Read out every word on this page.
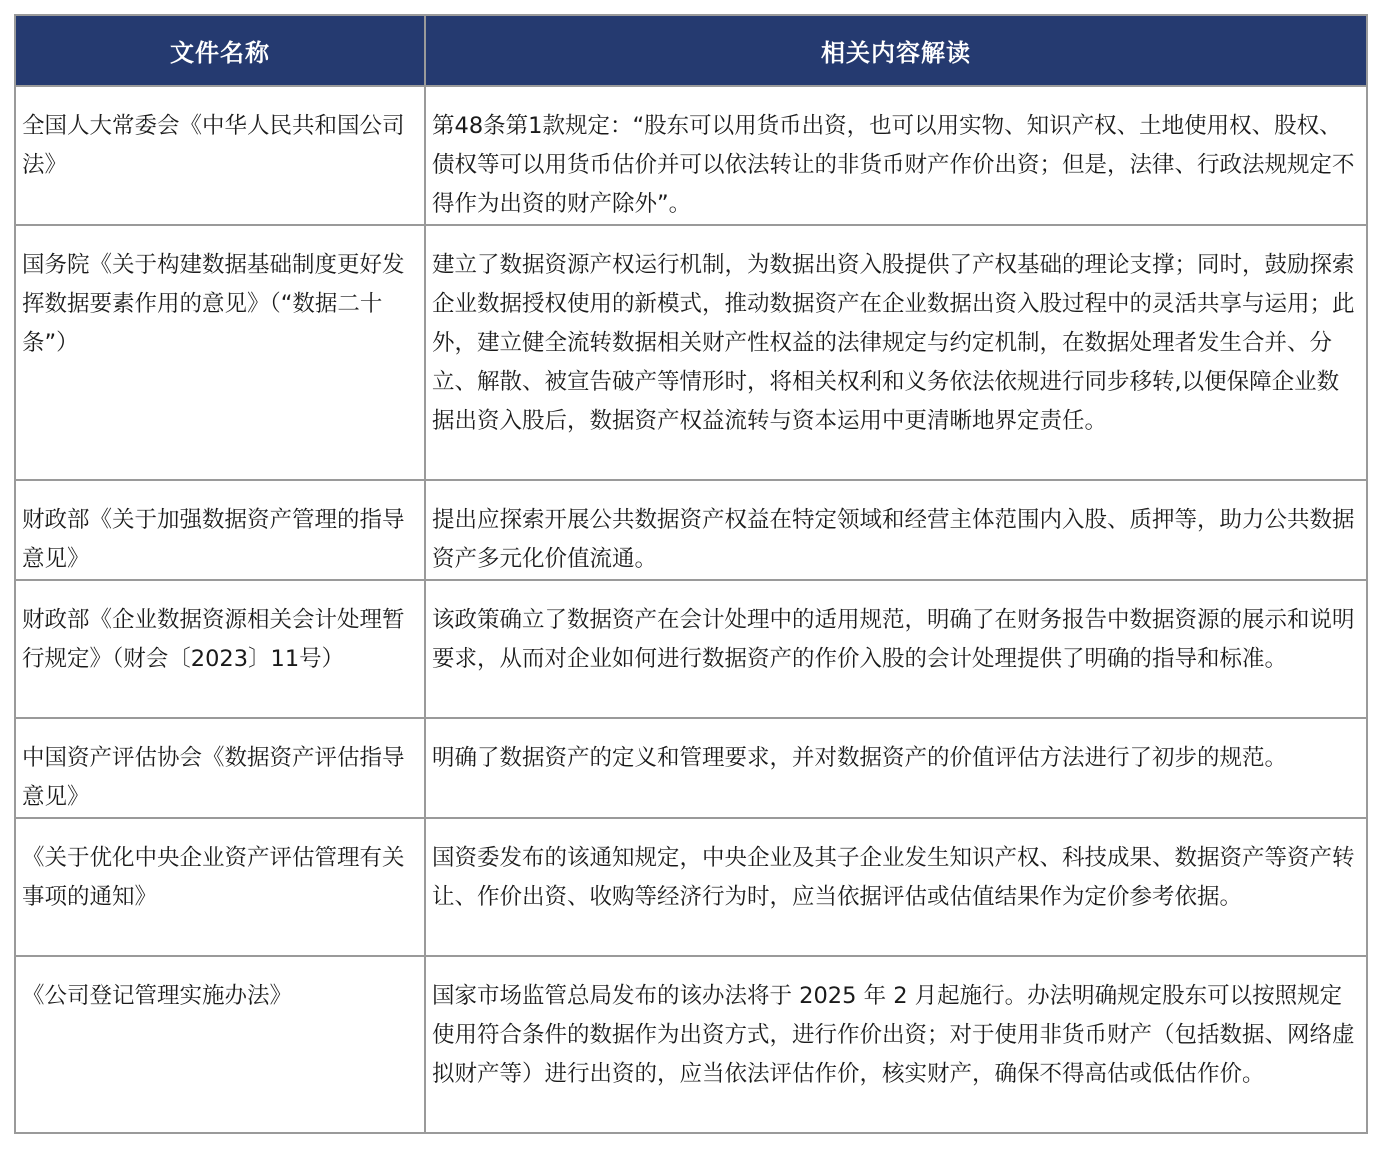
文件名称	相关内容解读

全国人大常委会《中华人民共和国公司法》	第48条第1款规定：“股东可以用货币出资，也可以用实物、知识产权、土地使用权、股权、债权等可以用货币估价并可以依法转让的非货币财产作价出资；但是，法律、行政法规规定不得作为出资的财产除外”。

国务院《关于构建数据基础制度更好发挥数据要素作用的意见》（“数据二十条”）	建立了数据资源产权运行机制，为数据出资入股提供了产权基础的理论支撑；同时，鼓励探索企业数据授权使用的新模式，推动数据资产在企业数据出资入股过程中的灵活共享与运用；此外，建立健全流转数据相关财产性权益的法律规定与约定机制，在数据处理者发生合并、分立、解散、被宣告破产等情形时，将相关权利和义务依法依规进行同步移转,以便保障企业数据出资入股后，数据资产权益流转与资本运用中更清晰地界定责任。

财政部《关于加强数据资产管理的指导意见》	提出应探索开展公共数据资产权益在特定领域和经营主体范围内入股、质押等，助力公共数据资产多元化价值流通。

财政部《企业数据资源相关会计处理暂行规定》（财会〔2023〕11号）	该政策确立了数据资产在会计处理中的适用规范，明确了在财务报告中数据资源的展示和说明要求，从而对企业如何进行数据资产的作价入股的会计处理提供了明确的指导和标准。

中国资产评估协会《数据资产评估指导意见》	明确了数据资产的定义和管理要求，并对数据资产的价值评估方法进行了初步的规范。

《关于优化中央企业资产评估管理有关事项的通知》	国资委发布的该通知规定，中央企业及其子企业发生知识产权、科技成果、数据资产等资产转让、作价出资、收购等经济行为时，应当依据评估或估值结果作为定价参考依据。

《公司登记管理实施办法》	国家市场监管总局发布的该办法将于 2025 年 2 月起施行。办法明确规定股东可以按照规定使用符合条件的数据作为出资方式，进行作价出资；对于使用非货币财产（包括数据、网络虚拟财产等）进行出资的，应当依法评估作价，核实财产，确保不得高估或低估作价。
